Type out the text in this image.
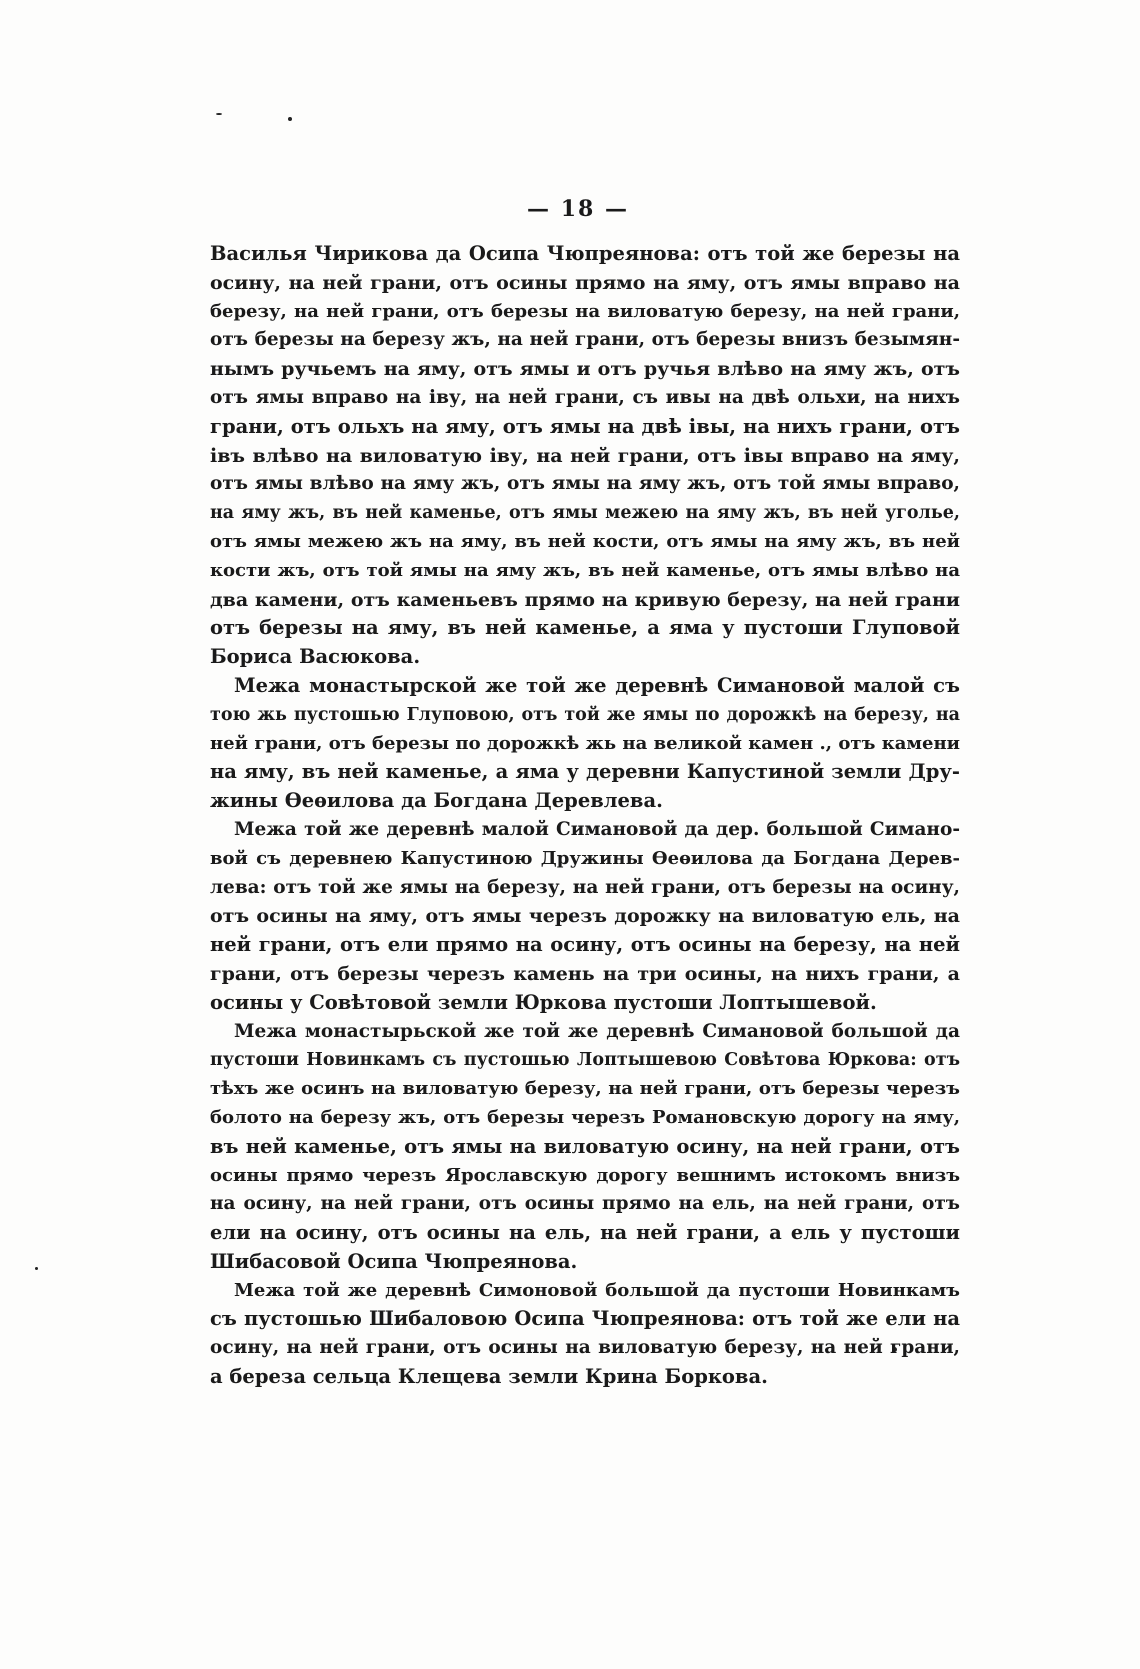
— 18 —
Василья Чирикова да Осипа Чюпреянова: отъ той же березы на
осину, на ней грани, отъ осины прямо на яму, отъ ямы вправо на
березу, на ней грани, отъ березы на виловатую березу, на ней грани,
отъ березы на березу жъ, на ней грани, отъ березы внизъ безымян-
нымъ ручьемъ на яму, отъ ямы и отъ ручья влѣво на яму жъ, отъ
отъ ямы вправо на іву, на ней грани, съ ивы на двѣ ольхи, на нихъ
грани, отъ ольхъ на яму, отъ ямы на двѣ івы, на нихъ грани, отъ
івъ влѣво на виловатую іву, на ней грани, отъ івы вправо на яму,
отъ ямы влѣво на яму жъ, отъ ямы на яму жъ, отъ той ямы вправо,
на яму жъ, въ ней каменье, отъ ямы межею на яму жъ, въ ней уголье,
отъ ямы межею жъ на яму, въ ней кости, отъ ямы на яму жъ, въ ней
кости жъ, отъ той ямы на яму жъ, въ ней каменье, отъ ямы влѣво на
два камени, отъ каменьевъ прямо на кривую березу, на ней грани
отъ березы на яму, въ ней каменье, а яма у пустоши Глуповой
Бориса Васюкова.
Межа монастырской же той же деревнѣ Симановой малой съ
тою жь пустошью Глуповою, отъ той же ямы по дорожкѣ на березу, на
ней грани, отъ березы по дорожкѣ жь на великой камен ., отъ камени
на яму, въ ней каменье, а яма у деревни Капустиной земли Дру-
жины Ѳеѳилова да Богдана Деревлева.
Межа той же деревнѣ малой Симановой да дер. большой Симано-
вой съ деревнею Капустиною Дружины Ѳеѳилова да Богдана Дерев-
лева: отъ той же ямы на березу, на ней грани, отъ березы на осину,
отъ осины на яму, отъ ямы черезъ дорожку на виловатую ель, на
ней грани, отъ ели прямо на осину, отъ осины на березу, на ней
грани, отъ березы черезъ камень на три осины, на нихъ грани, а
осины у Совѣтовой земли Юркова пустоши Лоптышевой.
Межа монастырьской же той же деревнѣ Симановой большой да
пустоши Новинкамъ съ пустошью Лоптышевою Совѣтова Юркова: отъ
тѣхъ же осинъ на виловатую березу, на ней грани, отъ березы черезъ
болото на березу жъ, отъ березы черезъ Романовскую дорогу на яму,
въ ней каменье, отъ ямы на виловатую осину, на ней грани, отъ
осины прямо черезъ Ярославскую дорогу вешнимъ истокомъ внизъ
на осину, на ней грани, отъ осины прямо на ель, на ней грани, отъ
ели на осину, отъ осины на ель, на ней грани, а ель у пустоши
Шибасовой Осипа Чюпреянова.
Межа той же деревнѣ Симоновой большой да пустоши Новинкамъ
съ пустошью Шибаловою Осипа Чюпреянова: отъ той же ели на
осину, на ней грани, отъ осины на виловатую березу, на ней грани,
а береза сельца Клещева земли Крина Боркова.
